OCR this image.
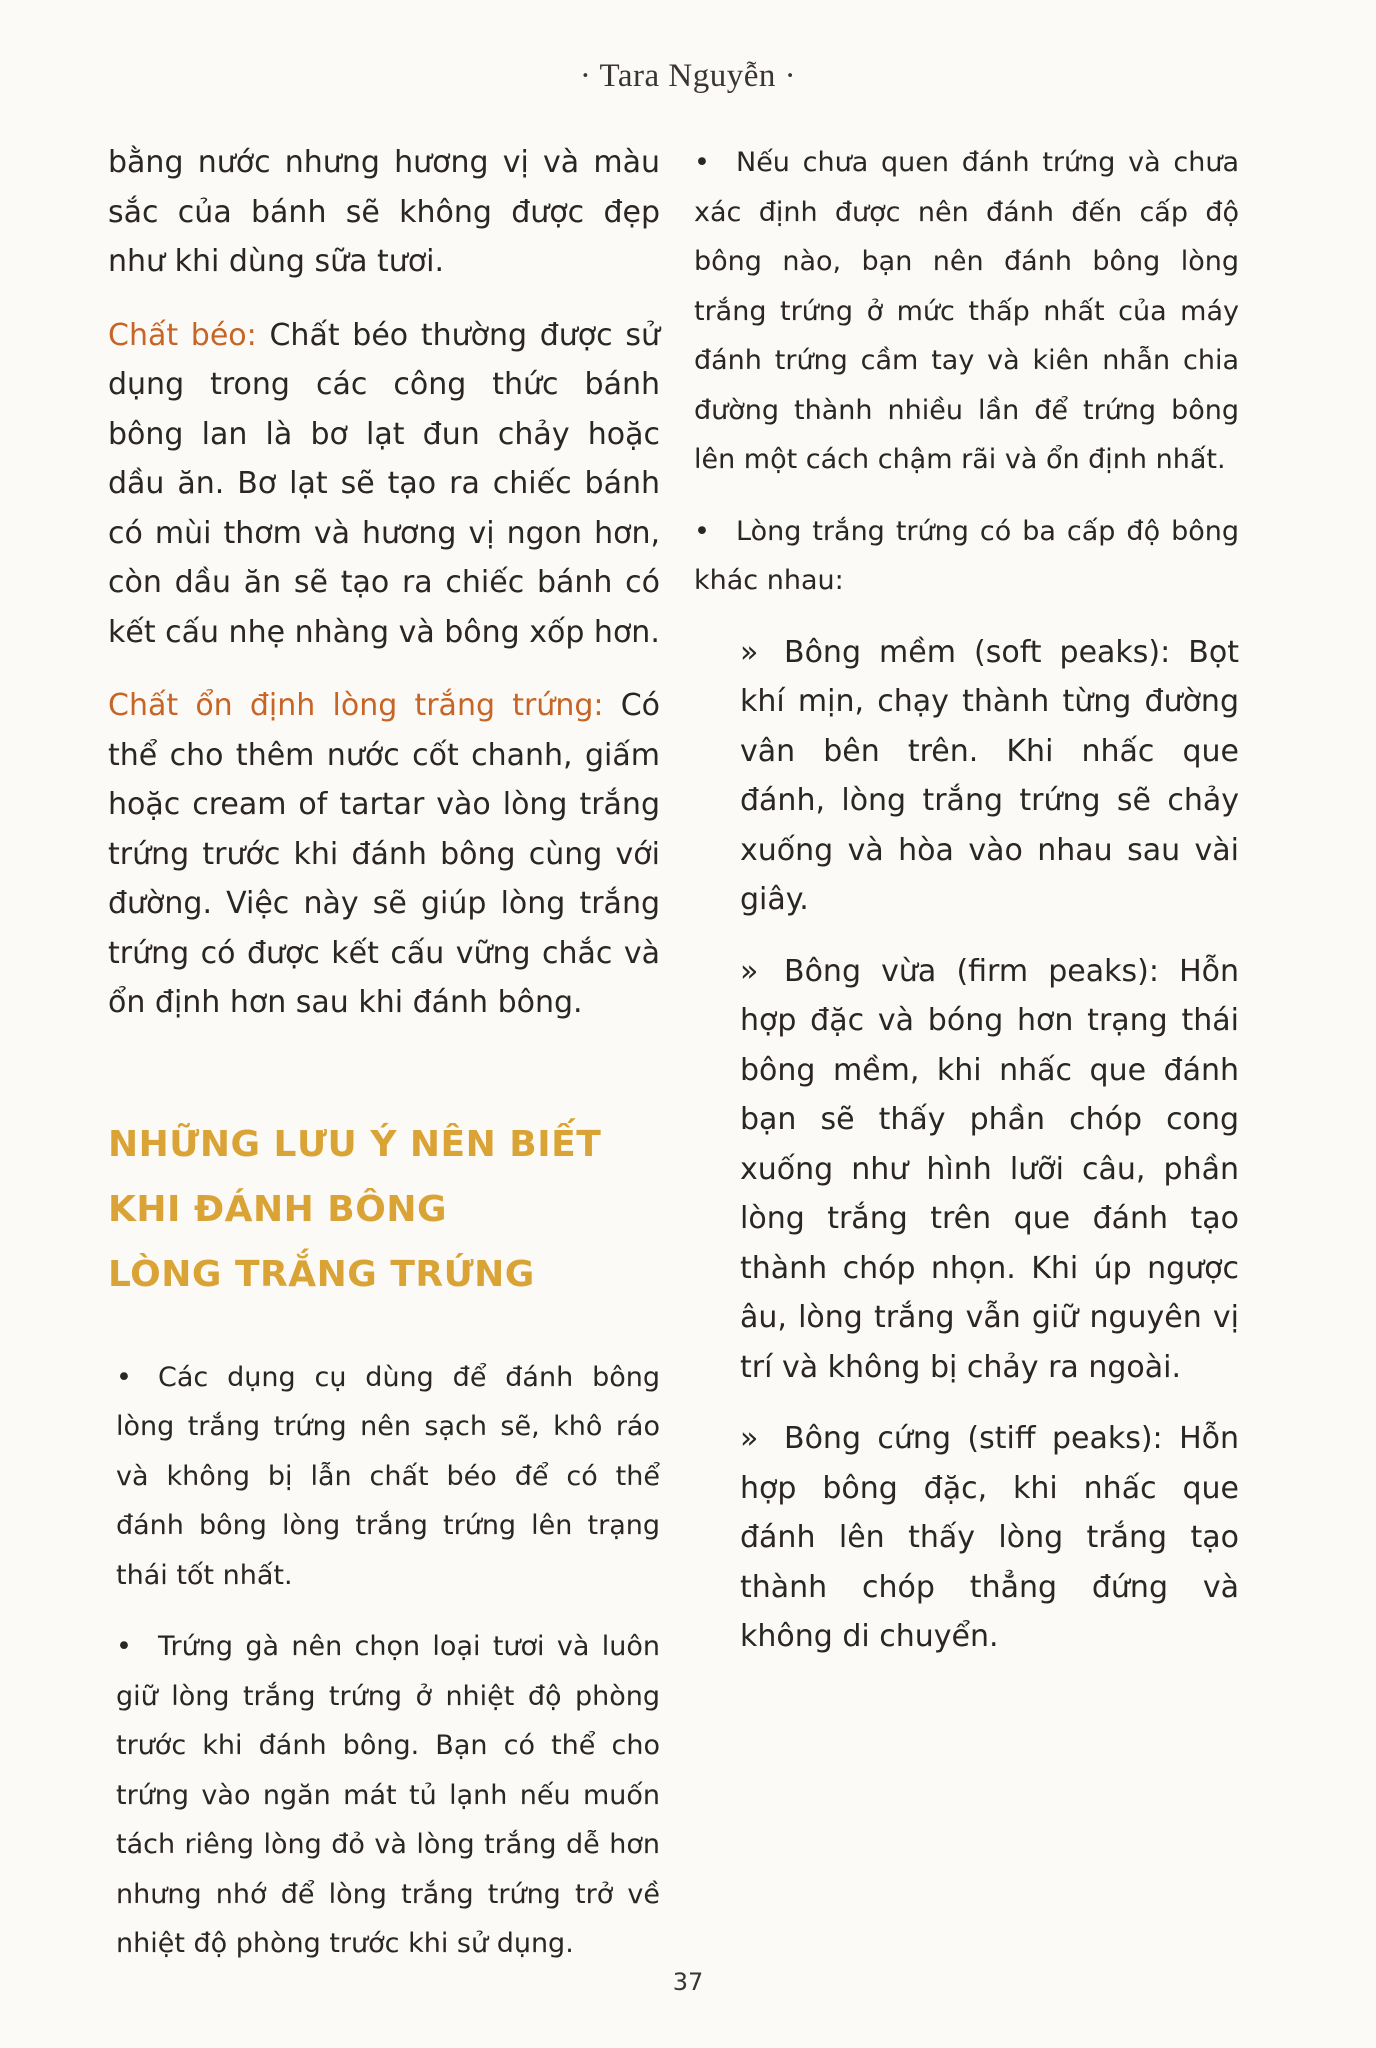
· Tara Nguyễn ·

bằng nước nhưng hương vị và màu sắc của bánh sẽ không được đẹp như khi dùng sữa tươi.

Chất béo: Chất béo thường được sử dụng trong các công thức bánh bông lan là bơ lạt đun chảy hoặc dầu ăn. Bơ lạt sẽ tạo ra chiếc bánh có mùi thơm và hương vị ngon hơn, còn dầu ăn sẽ tạo ra chiếc bánh có kết cấu nhẹ nhàng và bông xốp hơn.

Chất ổn định lòng trắng trứng: Có thể cho thêm nước cốt chanh, giấm hoặc cream of tartar vào lòng trắng trứng trước khi đánh bông cùng với đường. Việc này sẽ giúp lòng trắng trứng có được kết cấu vững chắc và ổn định hơn sau khi đánh bông.

NHỮNG LƯU Ý NÊN BIẾT
KHI ĐÁNH BÔNG
LÒNG TRẮNG TRỨNG

• Các dụng cụ dùng để đánh bông lòng trắng trứng nên sạch sẽ, khô ráo và không bị lẫn chất béo để có thể đánh bông lòng trắng trứng lên trạng thái tốt nhất.

• Trứng gà nên chọn loại tươi và luôn giữ lòng trắng trứng ở nhiệt độ phòng trước khi đánh bông. Bạn có thể cho trứng vào ngăn mát tủ lạnh nếu muốn tách riêng lòng đỏ và lòng trắng dễ hơn nhưng nhớ để lòng trắng trứng trở về nhiệt độ phòng trước khi sử dụng.

• Nếu chưa quen đánh trứng và chưa xác định được nên đánh đến cấp độ bông nào, bạn nên đánh bông lòng trắng trứng ở mức thấp nhất của máy đánh trứng cầm tay và kiên nhẫn chia đường thành nhiều lần để trứng bông lên một cách chậm rãi và ổn định nhất.

• Lòng trắng trứng có ba cấp độ bông khác nhau:

» Bông mềm (soft peaks): Bọt khí mịn, chạy thành từng đường vân bên trên. Khi nhấc que đánh, lòng trắng trứng sẽ chảy xuống và hòa vào nhau sau vài giây.

» Bông vừa (firm peaks): Hỗn hợp đặc và bóng hơn trạng thái bông mềm, khi nhấc que đánh bạn sẽ thấy phần chóp cong xuống như hình lưỡi câu, phần lòng trắng trên que đánh tạo thành chóp nhọn. Khi úp ngược âu, lòng trắng vẫn giữ nguyên vị trí và không bị chảy ra ngoài.

» Bông cứng (stiff peaks): Hỗn hợp bông đặc, khi nhấc que đánh lên thấy lòng trắng tạo thành chóp thẳng đứng và không di chuyển.

37
